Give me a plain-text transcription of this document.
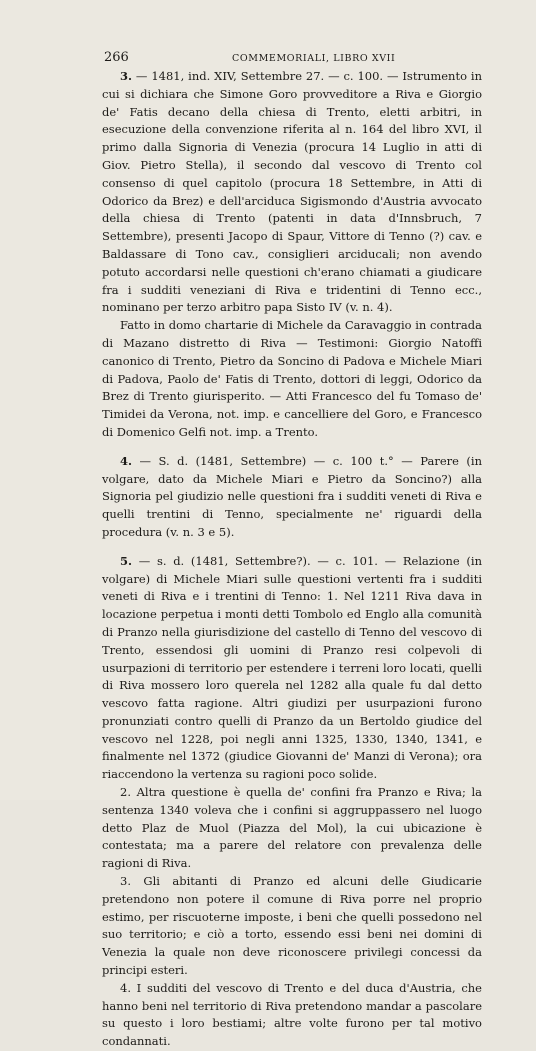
266	COMMEMORIALI, LIBRO XVII

3. — 1481, ind. XIV, Settembre 27. — c. 100. — Istrumento in cui si dichiara che Simone Goro provveditore a Riva e Giorgio de' Fatis decano della chiesa di Trento, eletti arbitri, in esecuzione della convenzione riferita al n. 164 del libro XVI, il primo dalla Signoria di Venezia (procura 14 Luglio in atti di Giov. Pietro Stella), il secondo dal vescovo di Trento col consenso di quel capitolo (procura 18 Settembre, in Atti di Odorico da Brez) e dell'arciduca Sigismondo d'Austria avvocato della chiesa di Trento (patenti in data d'Innsbruch, 7 Settembre), presenti Jacopo di Spaur, Vittore di Tenno (?) cav. e Baldassare di Tono cav., consiglieri arciducali; non avendo potuto accordarsi nelle questioni ch'erano chiamati a giudicare fra i sudditi veneziani di Riva e tridentini di Tenno ecc., nominano per terzo arbitro papa Sisto IV (v. n. 4).

Fatto in domo chartarie di Michele da Caravaggio in contrada di Mazano distretto di Riva — Testimoni: Giorgio Natoffi canonico di Trento, Pietro da Soncino di Padova e Michele Miari di Padova, Paolo de' Fatis di Trento, dottori di leggi, Odorico da Brez di Trento giurisperito. — Atti Francesco del fu Tomaso de' Timidei da Verona, not. imp. e cancelliere del Goro, e Francesco di Domenico Gelfi not. imp. a Trento.

4. — S. d. (1481, Settembre) — c. 100 t.° — Parere (in volgare, dato da Michele Miari e Pietro da Soncino?) alla Signoria pel giudizio nelle questioni fra i sudditi veneti di Riva e quelli trentini di Tenno, specialmente ne' riguardi della procedura (v. n. 3 e 5).

5. — s. d. (1481, Settembre?). — c. 101. — Relazione (in volgare) di Michele Miari sulle questioni vertenti fra i sudditi veneti di Riva e i trentini di Tenno: 1. Nel 1211 Riva dava in locazione perpetua i monti detti Tombolo ed Englo alla comunità di Pranzo nella giurisdizione del castello di Tenno del vescovo di Trento, essendosi gli uomini di Pranzo resi colpevoli di usurpazioni di territorio per estendere i terreni loro locati, quelli di Riva mossero loro querela nel 1282 alla quale fu dal detto vescovo fatta ragione. Altri giudizi per usurpazioni furono pronunziati contro quelli di Pranzo da un Bertoldo giudice del vescovo nel 1228, poi negli anni 1325, 1330, 1340, 1341, e finalmente nel 1372 (giudice Giovanni de' Manzi di Verona); ora riaccendono la vertenza su ragioni poco solide.

2. Altra questione è quella de' confini fra Pranzo e Riva; la sentenza 1340 voleva che i confini si aggruppassero nel luogo detto Plaz de Muol (Piazza del Mol), la cui ubicazione è contestata; ma a parere del relatore con prevalenza delle ragioni di Riva.

3. Gli abitanti di Pranzo ed alcuni delle Giudicarie pretendono non potere il comune di Riva porre nel proprio estimo, per riscuoterne imposte, i beni che quelli possedono nel suo territorio; e ciò a torto, essendo essi beni nei domini di Venezia la quale non deve riconoscere privilegi concessi da principi esteri.

4. I sudditi del vescovo di Trento e del duca d'Austria, che hanno beni nel territorio di Riva pretendono mandar a pascolare su questo i loro bestiami; altre volte furono per tal motivo condannati.
